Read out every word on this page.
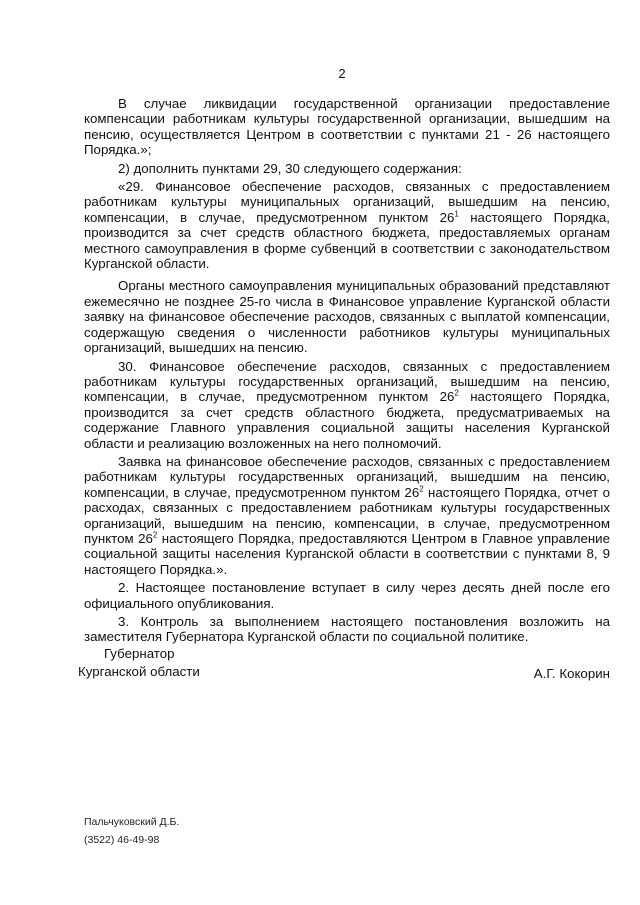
2

В случае ликвидации государственной организации предоставление компенсации работникам культуры государственной организации, вышедшим на пенсию, осуществляется Центром в соответствии с пунктами 21 - 26 настоящего Порядка.»;

2) дополнить пунктами 29, 30 следующего содержания:

«29. Финансовое обеспечение расходов, связанных с предоставлением работникам культуры муниципальных организаций, вышедшим на пенсию, компенсации, в случае, предусмотренном пунктом $26^1$ настоящего Порядка, производится за счет средств областного бюджета, предоставляемых органам местного самоуправления в форме субвенций в соответствии с законодательством Курганской области.

Органы местного самоуправления муниципальных образований представляют ежемесячно не позднее 25-го числа в Финансовое управление Курганской области заявку на финансовое обеспечение расходов, связанных с выплатой компенсации, содержащую сведения о численности работников культуры муниципальных организаций, вышедших на пенсию.

30. Финансовое обеспечение расходов, связанных с предоставлением работникам культуры государственных организаций, вышедшим на пенсию, компенсации, в случае, предусмотренном пунктом $26^2$ настоящего Порядка, производится за счет средств областного бюджета, предусматриваемых на содержание Главного управления социальной защиты населения Курганской области и реализацию возложенных на него полномочий.

Заявка на финансовое обеспечение расходов, связанных с предоставлением работникам культуры государственных организаций, вышедшим на пенсию, компенсации, в случае, предусмотренном пунктом $26^2$ настоящего Порядка, отчет о расходах, связанных с предоставлением работникам культуры государственных организаций, вышедшим на пенсию, компенсации, в случае, предусмотренном пунктом $26^2$ настоящего Порядка, предоставляются Центром в Главное управление социальной защиты населения Курганской области в соответствии с пунктами 8, 9 настоящего Порядка.».

2. Настоящее постановление вступает в силу через десять дней после его официального опубликования.

3. Контроль за выполнением настоящего постановления возложить на заместителя Губернатора Курганской области по социальной политике.

Губернатор
Курганской области	А.Г. Кокорин
Пальчуковский Д.Б.
(3522) 46-49-98
